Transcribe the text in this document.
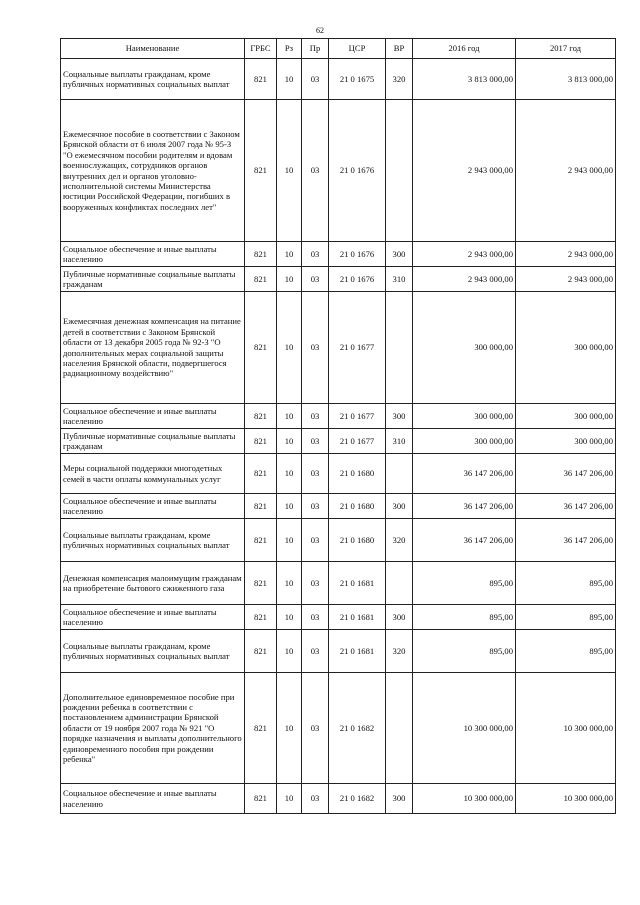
62
Наименование	ГРБС	Рз	Пр	ЦСР	ВР	2016 год	2017 год
Социальные выплаты гражданам, кроме публичных нормативных социальных выплат	821	10	03	21 0 1675	320	3 813 000,00	3 813 000,00
Ежемесячное пособие в соответствии с Законом Брянской области от 6 июля 2007 года № 95-З "О ежемесячном пособии родителям и вдовам военнослужащих, сотрудников органов внутренних дел и органов уголовно-исполнительной системы Министерства юстиции Российской Федерации, погибших в вооруженных конфликтах последних лет"	821	10	03	21 0 1676		2 943 000,00	2 943 000,00
Социальное обеспечение и иные выплаты населению	821	10	03	21 0 1676	300	2 943 000,00	2 943 000,00
Публичные нормативные социальные выплаты гражданам	821	10	03	21 0 1676	310	2 943 000,00	2 943 000,00
Ежемесячная денежная компенсация на питание детей в соответствии с Законом Брянской области от 13 декабря 2005 года № 92-З "О дополнительных мерах социальной защиты населения Брянской области, подвергшегося радиационному воздействию"	821	10	03	21 0 1677		300 000,00	300 000,00
Социальное обеспечение и иные выплаты населению	821	10	03	21 0 1677	300	300 000,00	300 000,00
Публичные нормативные социальные выплаты гражданам	821	10	03	21 0 1677	310	300 000,00	300 000,00
Меры социальной поддержки многодетных семей в части оплаты коммунальных услуг	821	10	03	21 0 1680		36 147 206,00	36 147 206,00
Социальное обеспечение и иные выплаты населению	821	10	03	21 0 1680	300	36 147 206,00	36 147 206,00
Социальные выплаты гражданам, кроме публичных нормативных социальных выплат	821	10	03	21 0 1680	320	36 147 206,00	36 147 206,00
Денежная компенсация малоимущим гражданам на приобретение бытового сжиженного газа	821	10	03	21 0 1681		895,00	895,00
Социальное обеспечение и иные выплаты населению	821	10	03	21 0 1681	300	895,00	895,00
Социальные выплаты гражданам, кроме публичных нормативных социальных выплат	821	10	03	21 0 1681	320	895,00	895,00
Дополнительное единовременное пособие при рождении ребенка в соответствии с постановлением администрации Брянской области от 19 ноября 2007 года № 921 "О порядке назначения и выплаты дополнительного единовременного пособия при рождении ребенка"	821	10	03	21 0 1682		10 300 000,00	10 300 000,00
Социальное обеспечение и иные выплаты населению	821	10	03	21 0 1682	300	10 300 000,00	10 300 000,00
